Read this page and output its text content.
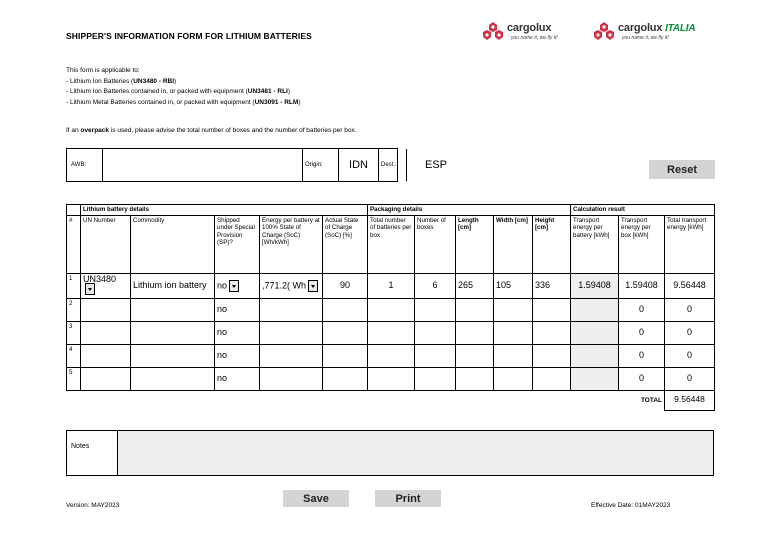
SHIPPER'S INFORMATION FORM FOR LITHIUM BATTERIES
cargolux
you name it, we fly it!
cargolux ITALIA
you name it, we fly it!
This form is applicable to:
- Lithium Ion Batteries (UN3480 - RBI)
- Lithium Ion Batteries contained in, or packed with equipment (UN3481 - RLI)
- Lithium Metal Batteries contained in, or packed with equipment (UN3091 - RLM)
If an overpack is used, please advise the total number of boxes and the number of batteries per box.
AWB:	Origin:	IDN	Dest.:	ESP	Reset
	Lithium battery details					Packaging details					Calculation result		
#	UN Number	Commodity	Shipped under Special Provision (SP)?	Energy per battery at 100% State of Charge (SoC) [Wh/kWh]	Actual State of Charge (SoC) [%]	Total number of batteries per box	Number of boxes	Length [cm]	Width [cm]	Height [cm]	Transport energy per battery [kWh]	Transport energy per box [kWh]	Total transport energy [kWh]
1	UN3480	Lithium ion battery	no	,771.2( Wh	90	1	6	265	105	336	1.59408	1.59408	9.56448
2			no									0	0
3			no									0	0
4			no									0	0
5			no									0	0
												TOTAL	9.56448
Notes
Save	Print
Version: MAY2023	Effective Date: 01MAY2023
